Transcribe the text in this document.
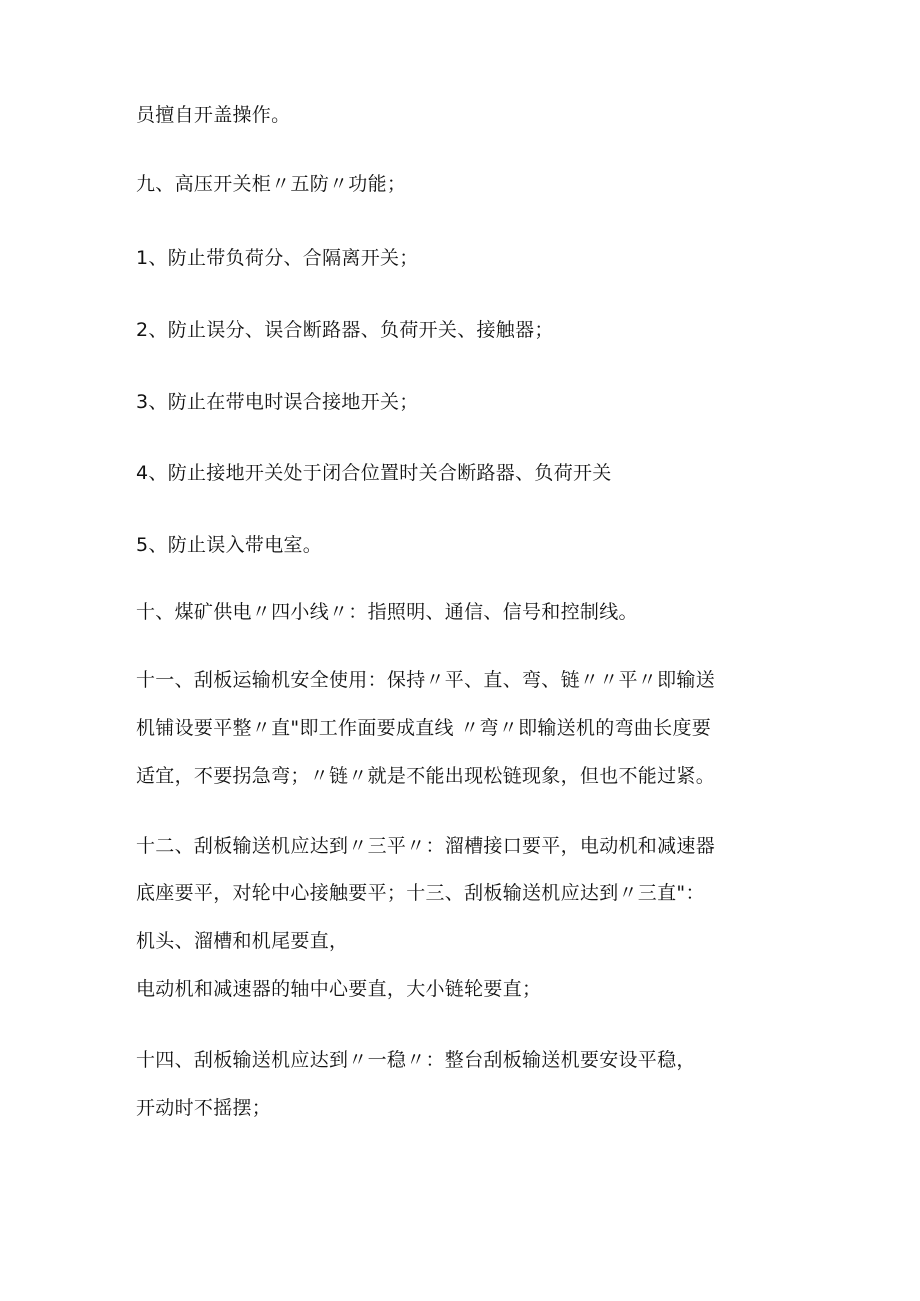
员擅自开盖操作。
九、高压开关柜〃五防〃功能；
1、防止带负荷分、合隔离开关；
2、防止误分、误合断路器、负荷开关、接触器；
3、防止在带电时误合接地开关；
4、防止接地开关处于闭合位置时关合断路器、负荷开关
5、防止误入带电室。
十、煤矿供电〃四小线〃：指照明、通信、信号和控制线。
十一、刮板运输机安全使用：保持〃平、直、弯、链〃〃平〃即输送
机铺设要平整〃直"即工作面要成直线 〃弯〃即输送机的弯曲长度要
适宜，不要拐急弯；〃链〃就是不能出现松链现象，但也不能过紧。
十二、刮板输送机应达到〃三平〃：溜槽接口要平，电动机和减速器
底座要平，对轮中心接触要平；十三、刮板输送机应达到〃三直"：
机头、溜槽和机尾要直，
电动机和减速器的轴中心要直，大小链轮要直；
十四、刮板输送机应达到〃一稳〃：整台刮板输送机要安设平稳，
开动时不摇摆；
